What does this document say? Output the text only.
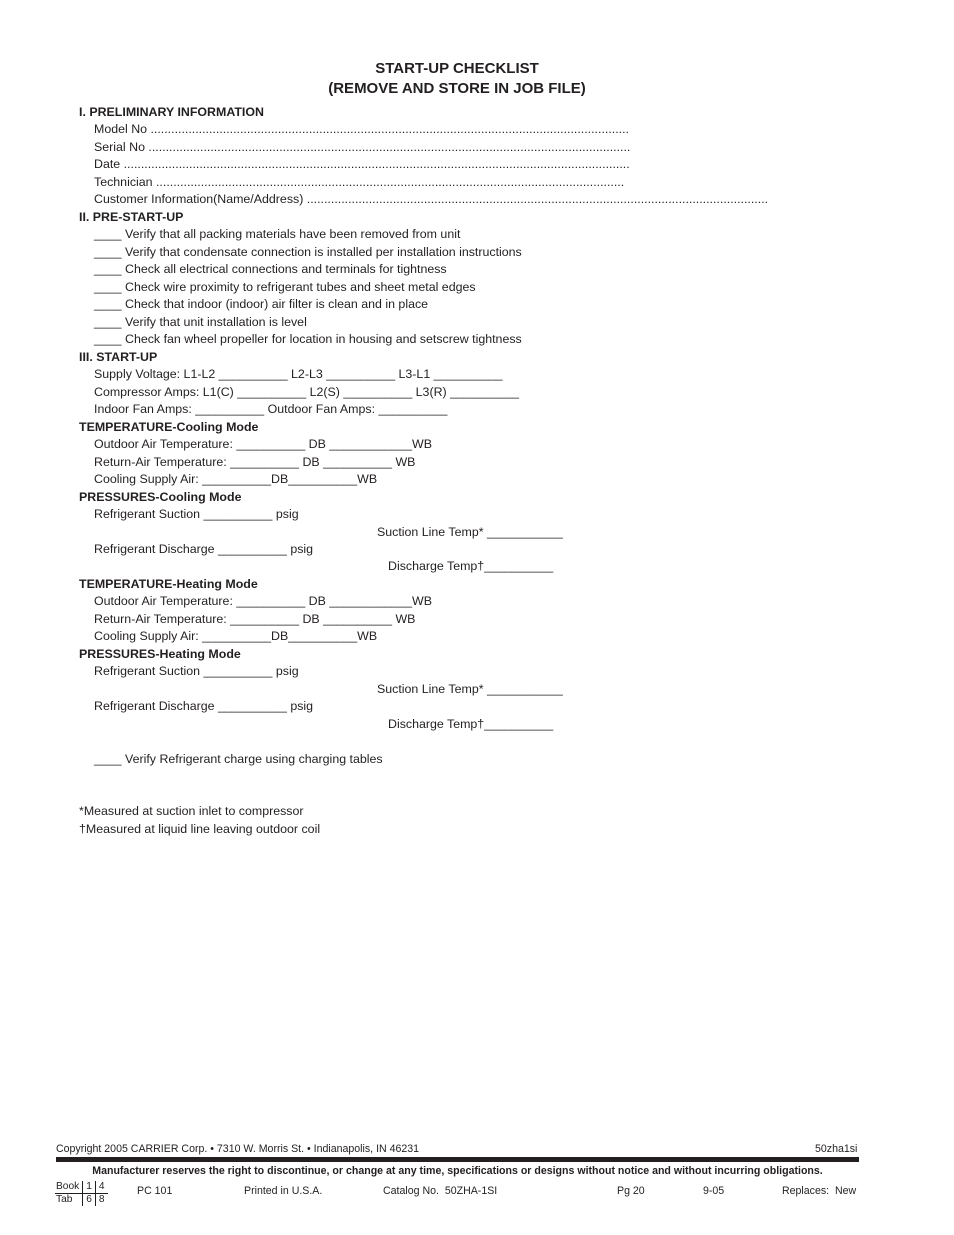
START-UP CHECKLIST
(REMOVE AND STORE IN JOB FILE)
I. PRELIMINARY INFORMATION
Model No ...........................................................................................................................................
Serial No ............................................................................................................................................
Date ...................................................................................................................................................
Technician ........................................................................................................................................
Customer Information(Name/Address) ......................................................................................................................................
II. PRE-START-UP
____ Verify that all packing materials have been removed from unit
____ Verify that condensate connection is installed per installation instructions
____ Check all electrical connections and terminals for tightness
____ Check wire proximity to refrigerant tubes and sheet metal edges
____ Check that indoor (indoor) air filter is clean and in place
____ Verify that unit installation is level
____ Check fan wheel propeller for location in housing and setscrew tightness
III. START-UP
Supply Voltage: L1-L2 __________ L2-L3 __________ L3-L1 __________
Compressor Amps: L1(C) __________ L2(S) __________ L3(R) __________
Indoor Fan Amps: __________ Outdoor Fan Amps: __________
TEMPERATURE-Cooling Mode
Outdoor Air Temperature: __________ DB ____________WB
Return-Air Temperature: __________ DB __________ WB
Cooling Supply Air: __________DB__________WB
PRESSURES-Cooling Mode
Refrigerant Suction __________ psig
Suction Line Temp* ___________
Refrigerant Discharge __________ psig
Discharge Temp†__________
TEMPERATURE-Heating Mode
Outdoor Air Temperature: __________ DB ____________WB
Return-Air Temperature: __________ DB __________ WB
Cooling Supply Air: __________DB__________WB
PRESSURES-Heating Mode
Refrigerant Suction __________ psig
Suction Line Temp* ___________
Refrigerant Discharge __________ psig
Discharge Temp†__________
____ Verify Refrigerant charge using charging tables
*Measured at suction inlet to compressor
†Measured at liquid line leaving outdoor coil
Copyright 2005 CARRIER Corp. • 7310 W. Morris St. • Indianapolis, IN 46231	50zha1si
Manufacturer reserves the right to discontinue, or change at any time, specifications or designs without notice and without incurring obligations.
Book	1	4
Tab	6	8
PC 101	Printed in U.S.A.	Catalog No.  50ZHA-1SI	Pg 20	9-05	Replaces:  New
